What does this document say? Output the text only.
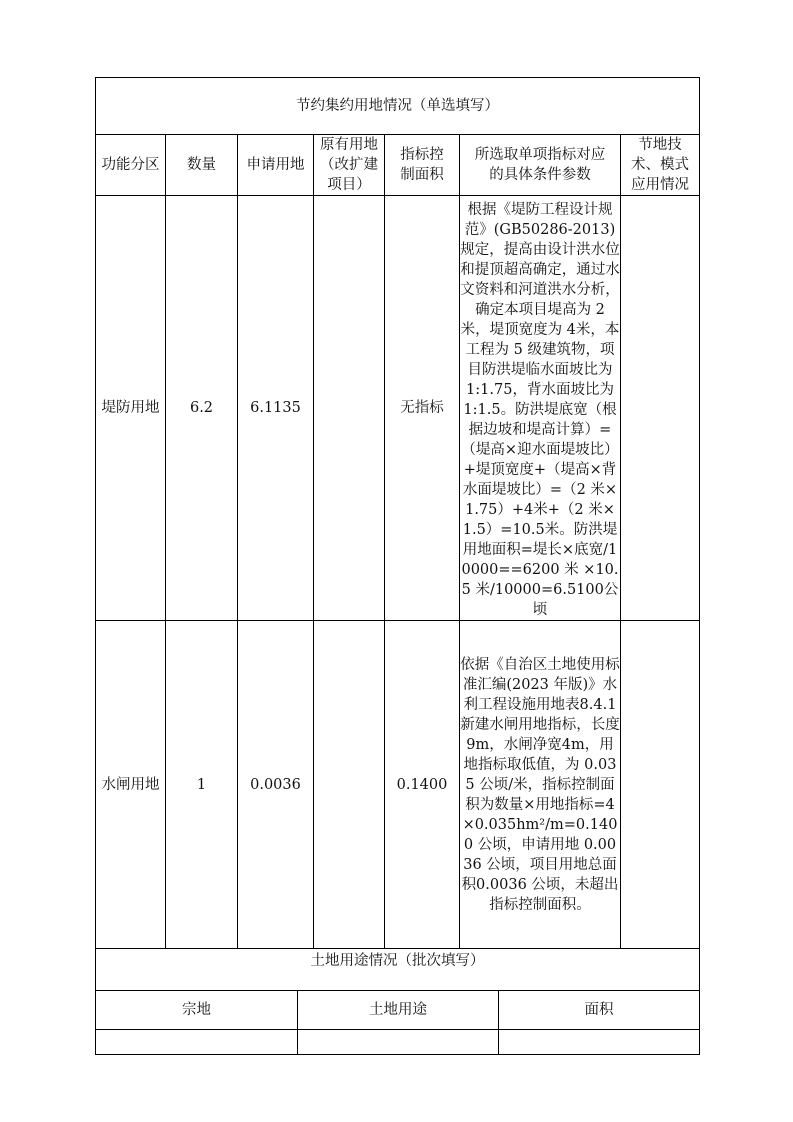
节约集约用地情况（单选填写）						
功能分区	数量	申请用地	原有用地（改扩建项目）	指标控制面积	所选取单项指标对应的具体条件参数	节地技术、模式应用情况
堤防用地	6.2	6.1135		无指标	根据《堤防工程设计规范》(GB50286-2013)规定，提高由设计洪水位和提顶超高确定，通过水文资料和河道洪水分析，确定本项目堤高为 2 米，堤顶宽度为 4米，本工程为 5 级建筑物，项目防洪堤临水面坡比为 1:1.75，背水面坡比为 1:1.5。防洪堤底宽（根据边坡和堤高计算）=（堤高×迎水面堤坡比）+堤顶宽度+（堤高×背水面堤坡比）=（2 米×1.75）+4米+（2 米×1.5）=10.5米。防洪堤用地面积=堤长×底宽/10000==6200 米 ×10.5 米/10000=6.5100公顷	
水闸用地	1	0.0036		0.1400	依据《自治区土地使用标准汇编(2023 年版)》水利工程设施用地表8.4.1 新建水闸用地指标，长度 9m，水闸净宽4m，用地指标取低值，为 0.035 公顷/米，指标控制面积为数量×用地指标=4×0.035hm²/m=0.1400 公顷，申请用地 0.0036 公顷，项目用地总面积0.0036 公顷，未超出指标控制面积。	
土地用途情况（批次填写）		
宗地	土地用途	面积
